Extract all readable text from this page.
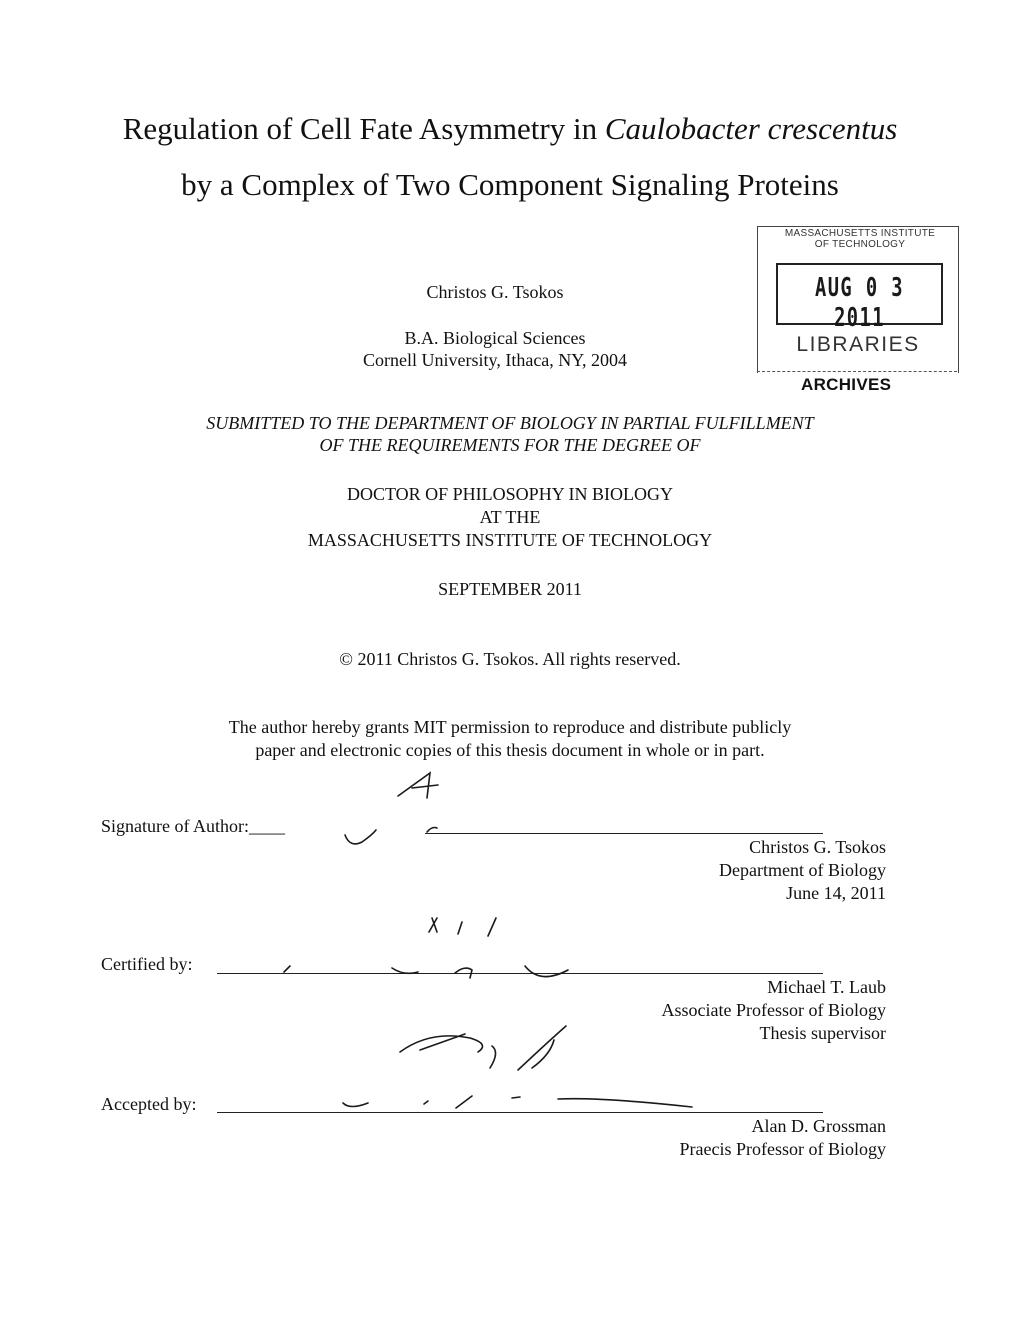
Regulation of Cell Fate Asymmetry in Caulobacter crescentus
by a Complex of Two Component Signaling Proteins
Christos G. Tsokos
B.A. Biological Sciences
Cornell University, Ithaca, NY, 2004
MASSACHUSETTS INSTITUTE
OF TECHNOLOGY
AUG 0 3 2011
LIBRARIES
ARCHIVES
SUBMITTED TO THE DEPARTMENT OF BIOLOGY IN PARTIAL FULFILLMENT
OF THE REQUIREMENTS FOR THE DEGREE OF
DOCTOR OF PHILOSOPHY IN BIOLOGY
AT THE
MASSACHUSETTS INSTITUTE OF TECHNOLOGY
SEPTEMBER 2011
© 2011 Christos G. Tsokos. All rights reserved.
The author hereby grants MIT permission to reproduce and distribute publicly
paper and electronic copies of this thesis document in whole or in part.
Signature of Author:____
Christos G. Tsokos
Department of Biology
June 14, 2011
Certified by:
Michael T. Laub
Associate Professor of Biology
Thesis supervisor
Accepted by:
Alan D. Grossman
Praecis Professor of Biology
